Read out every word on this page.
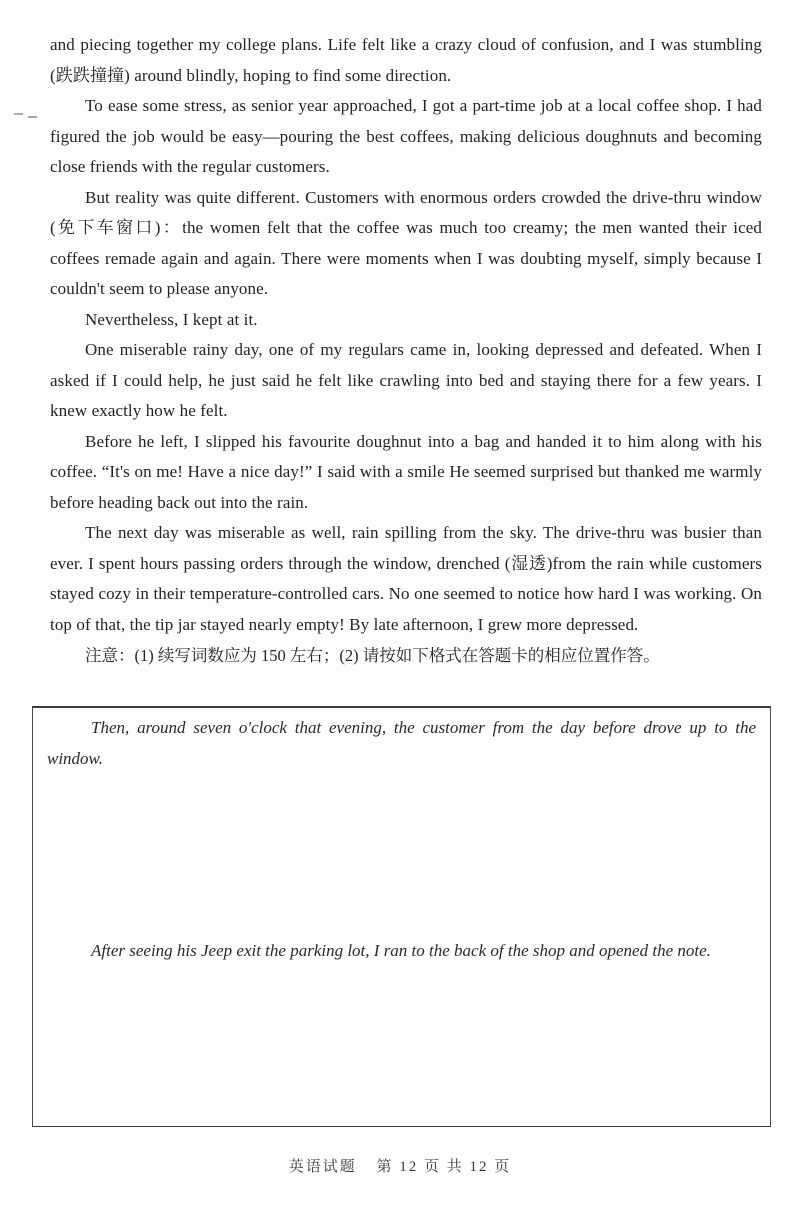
and piecing together my college plans. Life felt like a crazy cloud of confusion, and I was stumbling (跌跌撞撞) around blindly, hoping to find some direction.

To ease some stress, as senior year approached, I got a part-time job at a local coffee shop. I had figured the job would be easy—pouring the best coffees, making delicious doughnuts and becoming close friends with the regular customers.

But reality was quite different. Customers with enormous orders crowded the drive-thru window (免下车窗口)：the women felt that the coffee was much too creamy; the men wanted their iced coffees remade again and again. There were moments when I was doubting myself, simply because I couldn't seem to please anyone.

Nevertheless, I kept at it.

One miserable rainy day, one of my regulars came in, looking depressed and defeated. When I asked if I could help, he just said he felt like crawling into bed and staying there for a few years. I knew exactly how he felt.

Before he left, I slipped his favourite doughnut into a bag and handed it to him along with his coffee. “It's on me! Have a nice day!” I said with a smile He seemed surprised but thanked me warmly before heading back out into the rain.

The next day was miserable as well, rain spilling from the sky. The drive-thru was busier than ever. I spent hours passing orders through the window, drenched (湿透)from the rain while customers stayed cozy in their temperature-controlled cars. No one seemed to notice how hard I was working. On top of that, the tip jar stayed nearly empty! By late afternoon, I grew more depressed.

注意：(1) 续写词数应为 150 左右；(2) 请按如下格式在答题卡的相应位置作答。

Then, around seven o'clock that evening, the customer from the day before drove up to the window.

After seeing his Jeep exit the parking lot, I ran to the back of the shop and opened the note.

英语试题 第 12 页 共 12 页
